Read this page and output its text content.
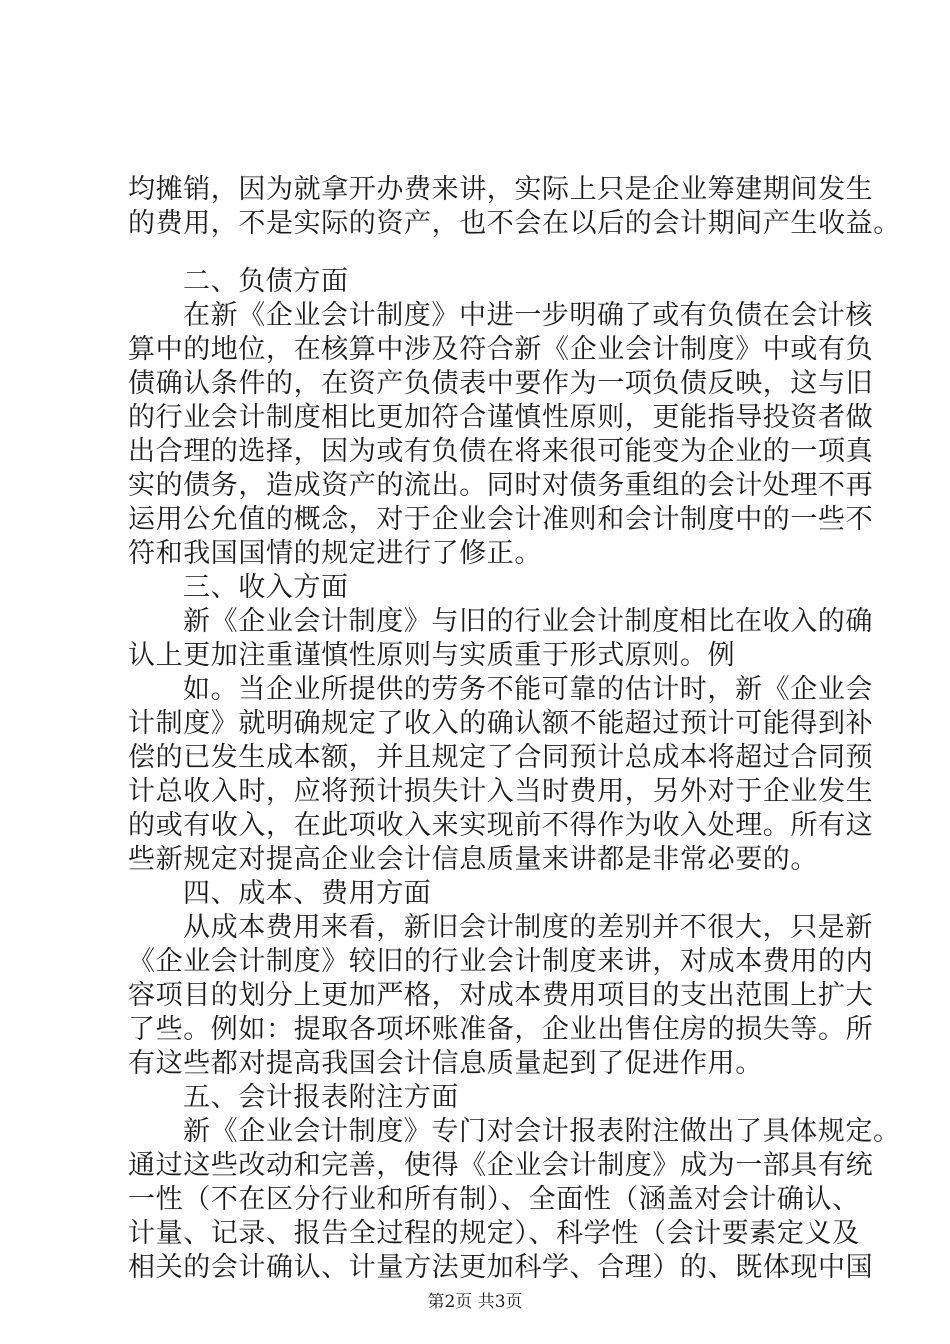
均摊销，因为就拿开办费来讲，实际上只是企业筹建期间发生
的费用，不是实际的资产，也不会在以后的会计期间产生收益。
二、负债方面
在新《企业会计制度》中进一步明确了或有负债在会计核
算中的地位，在核算中涉及符合新《企业会计制度》中或有负
债确认条件的，在资产负债表中要作为一项负债反映，这与旧
的行业会计制度相比更加符合谨慎性原则，更能指导投资者做
出合理的选择，因为或有负债在将来很可能变为企业的一项真
实的债务，造成资产的流出。同时对债务重组的会计处理不再
运用公允值的概念，对于企业会计准则和会计制度中的一些不
符和我国国情的规定进行了修正。
三、收入方面
新《企业会计制度》与旧的行业会计制度相比在收入的确
认上更加注重谨慎性原则与实质重于形式原则。例
如。当企业所提供的劳务不能可靠的估计时，新《企业会
计制度》就明确规定了收入的确认额不能超过预计可能得到补
偿的已发生成本额，并且规定了合同预计总成本将超过合同预
计总收入时，应将预计损失计入当时费用，另外对于企业发生
的或有收入，在此项收入来实现前不得作为收入处理。所有这
些新规定对提高企业会计信息质量来讲都是非常必要的。
四、成本、费用方面
从成本费用来看，新旧会计制度的差别并不很大，只是新
《企业会计制度》较旧的行业会计制度来讲，对成本费用的内
容项目的划分上更加严格，对成本费用项目的支出范围上扩大
了些。例如：提取各项坏账准备，企业出售住房的损失等。所
有这些都对提高我国会计信息质量起到了促进作用。
五、会计报表附注方面
新《企业会计制度》专门对会计报表附注做出了具体规定。
通过这些改动和完善，使得《企业会计制度》成为一部具有统
一性（不在区分行业和所有制）、全面性（涵盖对会计确认、
计量、记录、报告全过程的规定）、科学性（会计要素定义及
相关的会计确认、计量方法更加科学、合理）的、既体现中国
第2页 共3页
